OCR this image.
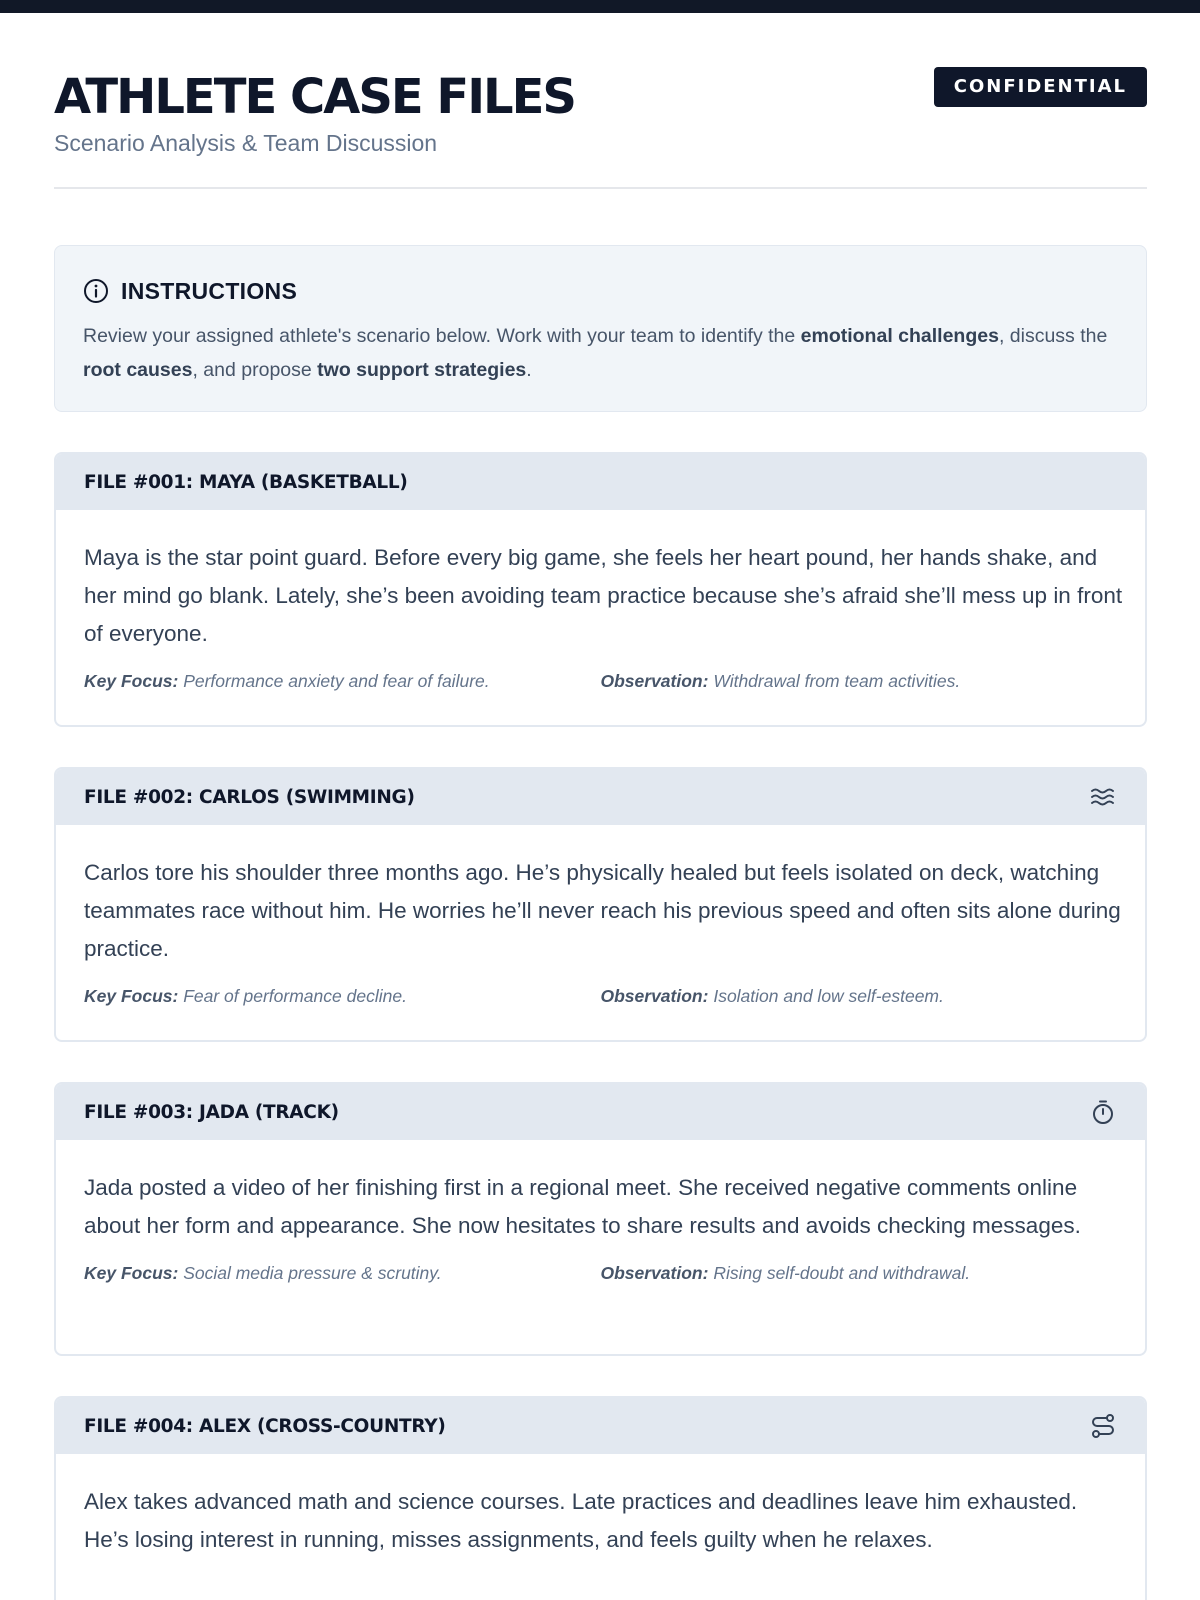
ATHLETE CASE FILES
Scenario Analysis & Team Discussion
CONFIDENTIAL
INSTRUCTIONS
Review your assigned athlete's scenario below. Work with your team to identify the emotional challenges, discuss the root causes, and propose two support strategies.
FILE #001: MAYA (BASKETBALL)
Maya is the star point guard. Before every big game, she feels her heart pound, her hands shake, and her mind go blank. Lately, she’s been avoiding team practice because she’s afraid she’ll mess up in front of everyone.
Key Focus: Performance anxiety and fear of failure.	Observation: Withdrawal from team activities.
FILE #002: CARLOS (SWIMMING)
Carlos tore his shoulder three months ago. He’s physically healed but feels isolated on deck, watching teammates race without him. He worries he’ll never reach his previous speed and often sits alone during practice.
Key Focus: Fear of performance decline.	Observation: Isolation and low self-esteem.
FILE #003: JADA (TRACK)
Jada posted a video of her finishing first in a regional meet. She received negative comments online about her form and appearance. She now hesitates to share results and avoids checking messages.
Key Focus: Social media pressure & scrutiny.	Observation: Rising self-doubt and withdrawal.
FILE #004: ALEX (CROSS-COUNTRY)
Alex takes advanced math and science courses. Late practices and deadlines leave him exhausted. He’s losing interest in running, misses assignments, and feels guilty when he relaxes.
